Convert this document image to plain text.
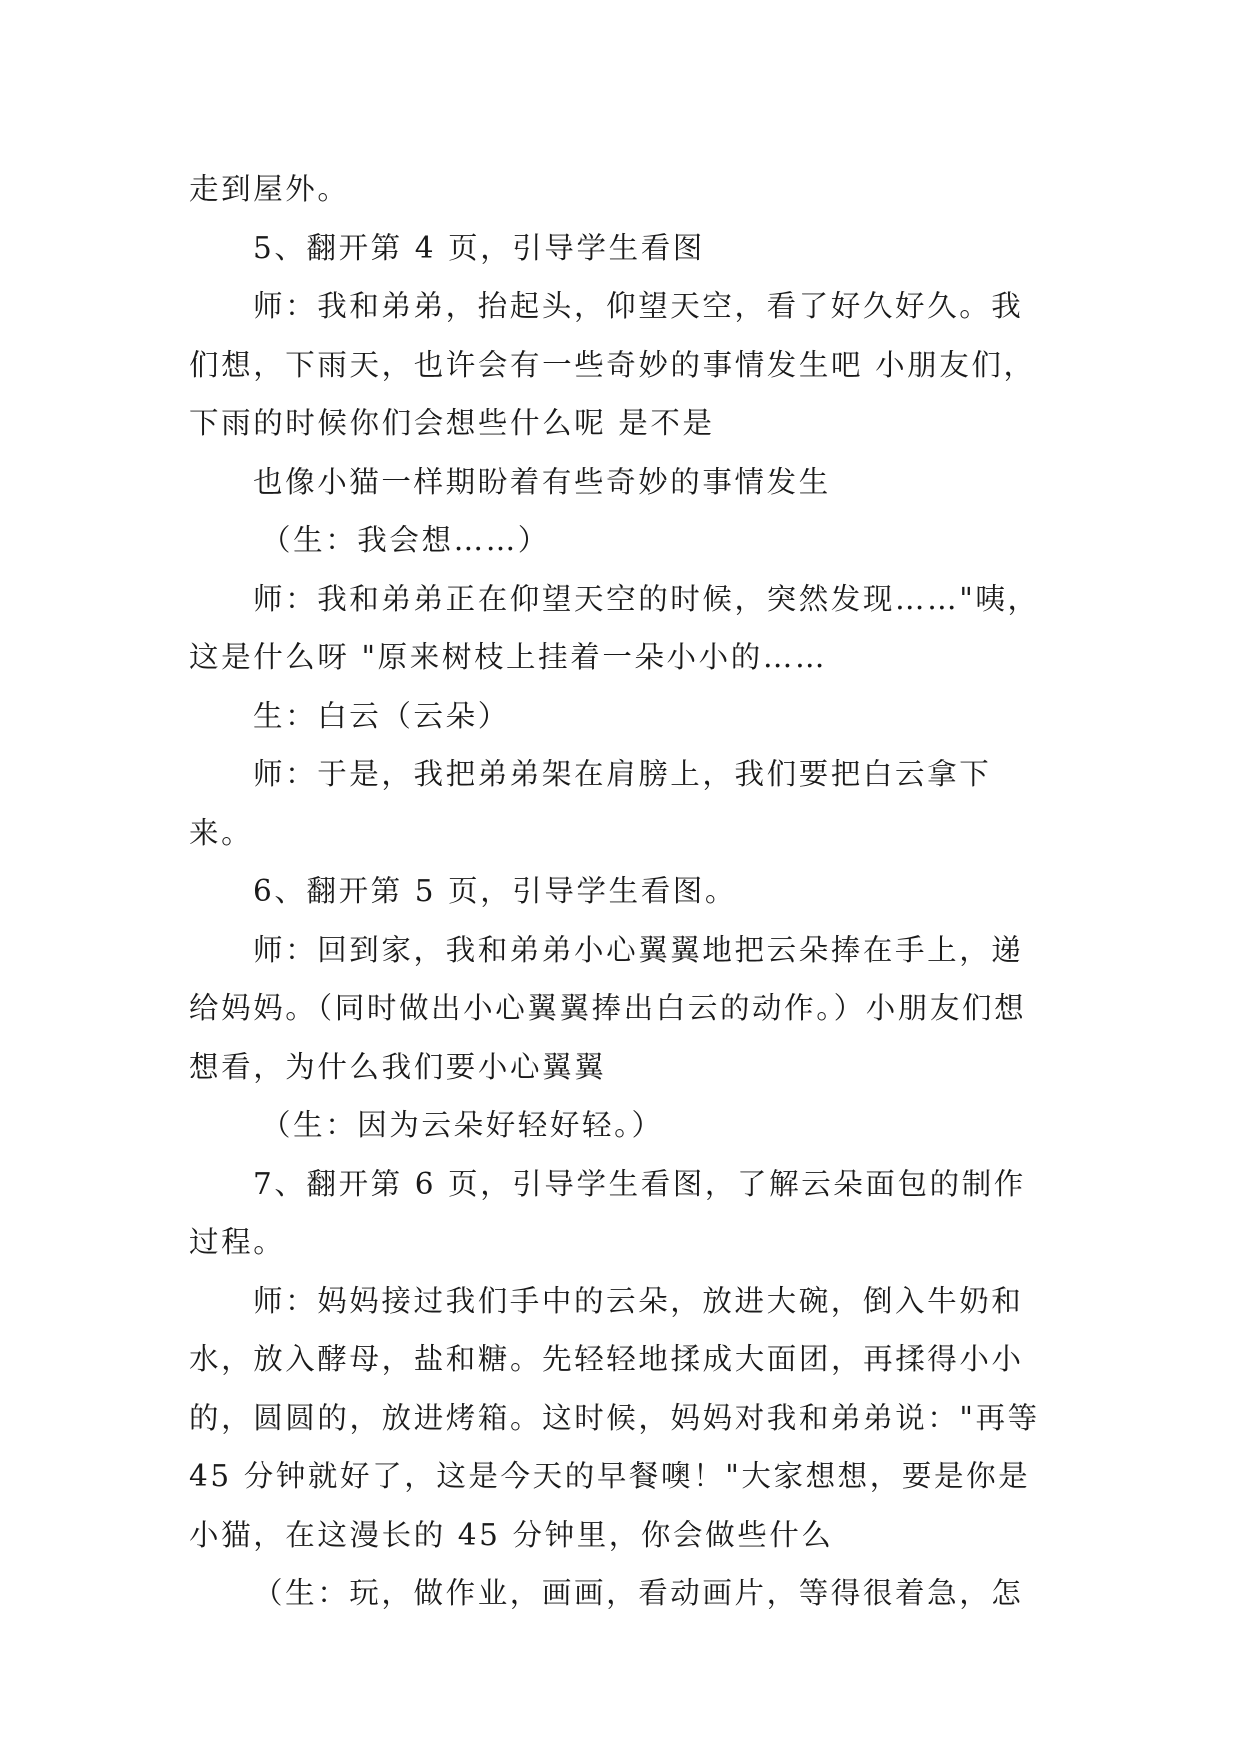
走到屋外。

5、翻开第 4 页，引导学生看图

师：我和弟弟，抬起头，仰望天空，看了好久好久。我们想，下雨天，也许会有一些奇妙的事情发生吧 小朋友们，下雨的时候你们会想些什么呢 是不是

也像小猫一样期盼着有些奇妙的事情发生

（生：我会想……）

师：我和弟弟正在仰望天空的时候，突然发现……"咦，这是什么呀 "原来树枝上挂着一朵小小的……

生：白云（云朵）

师：于是，我把弟弟架在肩膀上，我们要把白云拿下来。

6、翻开第 5 页，引导学生看图。

师：回到家，我和弟弟小心翼翼地把云朵捧在手上，递给妈妈。（同时做出小心翼翼捧出白云的动作。）小朋友们想想看，为什么我们要小心翼翼

（生：因为云朵好轻好轻。）

7、翻开第 6 页，引导学生看图，了解云朵面包的制作过程。

师：妈妈接过我们手中的云朵，放进大碗，倒入牛奶和水，放入酵母，盐和糖。先轻轻地揉成大面团，再揉得小小的，圆圆的，放进烤箱。这时候，妈妈对我和弟弟说："再等 45 分钟就好了，这是今天的早餐噢！"大家想想，要是你是小猫，在这漫长的 45 分钟里，你会做些什么

（生：玩，做作业，画画，看动画片，等得很着急，怎
